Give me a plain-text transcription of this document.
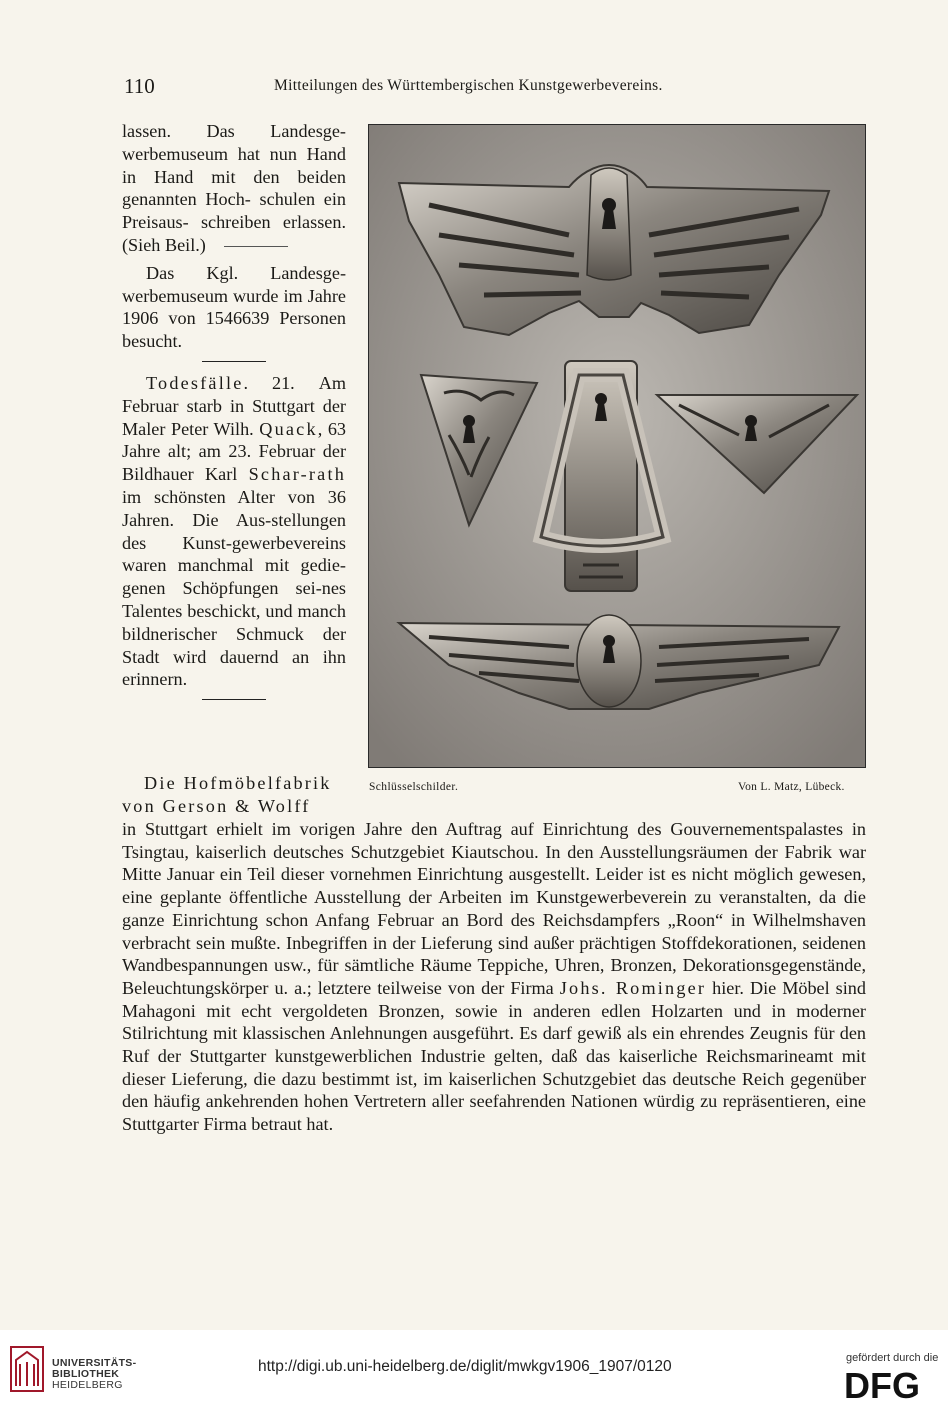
110	Mitteilungen des Württembergischen Kunstgewerbevereins.

lassen. Das Landesge- werbemuseum hat nun Hand in Hand mit den beiden genannten Hoch- schulen ein Preisaus- schreiben erlassen. (Sieh Beil.)

Das Kgl. Landesge- werbemuseum wurde im Jahre 1906 von 1546639 Personen besucht.

Todesfälle.	Am
21. Februar starb in Stuttgart der Maler Peter Wilh. Quack, 63 Jahre alt; am 23. Februar der Bildhauer Karl Schar-rath im schönsten Alter von 36 Jahren. Die Aus-stellungen des Kunst-gewerbevereins waren manchmal mit gedie-genen Schöpfungen sei-nes Talentes beschickt, und manch bildnerischer Schmuck der Stadt wird dauernd an ihn erinnern.

Schlüsselschilder.	Von L. Matz, Lübeck.
Die Hofmöbelfabrik
von Gerson & Wolff
in Stuttgart erhielt im vorigen Jahre den Auftrag auf Einrichtung des Gouvernementspalastes in Tsingtau, kaiserlich deutsches Schutzgebiet Kiautschou. In den Ausstellungsräumen der Fabrik war Mitte Januar ein Teil dieser vornehmen Einrichtung ausgestellt. Leider ist es nicht möglich gewesen, eine geplante öffentliche Ausstellung der Arbeiten im Kunstgewerbeverein zu veranstalten, da die ganze Einrichtung schon Anfang Februar an Bord des Reichsdampfers „Roon“ in Wilhelmshaven verbracht sein mußte. Inbegriffen in der Lieferung sind außer prächtigen Stoffdekorationen, seidenen Wandbespannungen usw., für sämtliche Räume Teppiche, Uhren, Bronzen, Dekorationsgegenstände, Beleuchtungskörper u. a.; letztere teilweise von der Firma Johs. Rominger hier. Die Möbel sind Mahagoni mit echt vergoldeten Bronzen, sowie in anderen edlen Holzarten und in moderner Stilrichtung mit klassischen Anlehnungen ausgeführt. Es darf gewiß als ein ehrendes Zeugnis für den Ruf der Stuttgarter kunstgewerblichen Industrie gelten, daß das kaiserliche Reichsmarineamt mit dieser Lieferung, die dazu bestimmt ist, im kaiserlichen Schutzgebiet das deutsche Reich gegenüber den häufig ankehrenden hohen Vertretern aller seefahrenden Nationen würdig zu repräsentieren, eine Stuttgarter Firma betraut hat.
UNIVERSITÄTS-
BIBLIOTHEK
HEIDELBERG
http://digi.ub.uni-heidelberg.de/diglit/mwkgv1906_1907/0120	gefördert durch die
DFG
